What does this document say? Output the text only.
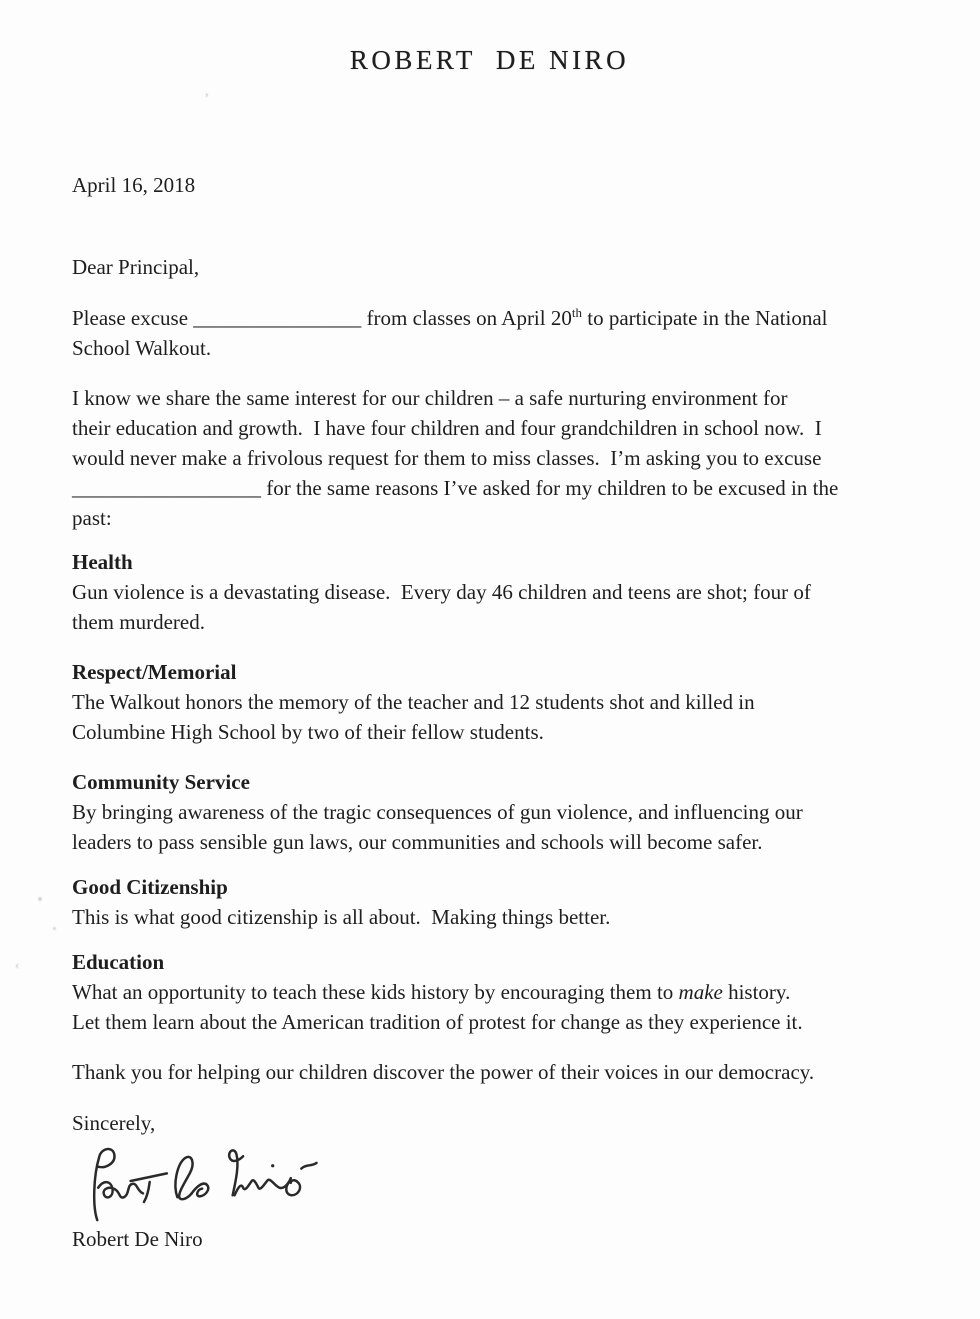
,
‹
ROBERT  DE NIRO
April 16, 2018
Dear Principal,
Please excuse ________________ from classes on April 20th to participate in the National
School Walkout.
I know we share the same interest for our children – a safe nurturing environment for
their education and growth.  I have four children and four grandchildren in school now.  I
would never make a frivolous request for them to miss classes.  I’m asking you to excuse
__________________ for the same reasons I’ve asked for my children to be excused in the
past:
Health
Gun violence is a devastating disease.  Every day 46 children and teens are shot; four of
them murdered.
Respect/Memorial
The Walkout honors the memory of the teacher and 12 students shot and killed in
Columbine High School by two of their fellow students.
Community Service
By bringing awareness of the tragic consequences of gun violence, and influencing our
leaders to pass sensible gun laws, our communities and schools will become safer.
Good Citizenship
This is what good citizenship is all about.  Making things better.
Education
What an opportunity to teach these kids history by encouraging them to make history.
Let them learn about the American tradition of protest for change as they experience it.
Thank you for helping our children discover the power of their voices in our democracy.
Sincerely,
Robert De Niro
